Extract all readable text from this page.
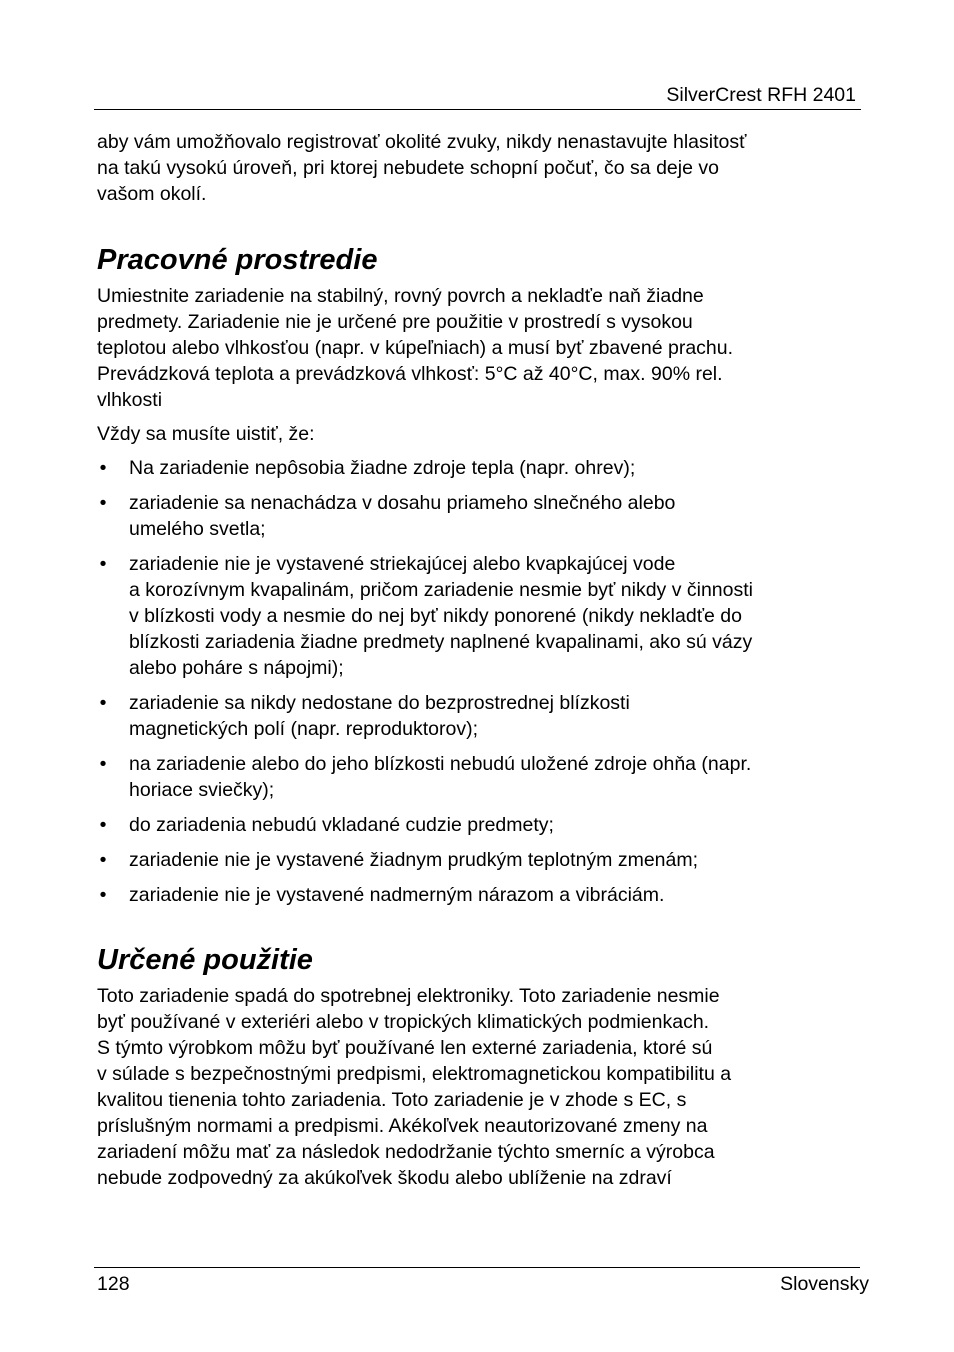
SilverCrest RFH 2401

aby vám umožňovalo registrovať okolité zvuky, nikdy nenastavujte hlasitosť
na takú vysokú úroveň, pri ktorej nebudete schopní počuť, čo sa deje vo
vašom okolí.

Pracovné prostredie

Umiestnite zariadenie na stabilný, rovný povrch a nekladťe naň žiadne
predmety. Zariadenie nie je určené pre použitie v prostredí s vysokou
teplotou alebo vlhkosťou (napr. v kúpeľniach) a musí byť zbavené prachu.
Prevádzková teplota a prevádzková vlhkosť: 5°C až 40°C, max. 90% rel.
vlhkosti

Vždy sa musíte uistiť, že:

• Na zariadenie nepôsobia žiadne zdroje tepla (napr. ohrev);
• zariadenie sa nenachádza v dosahu priameho slnečného alebo
umelého svetla;
• zariadenie nie je vystavené striekajúcej alebo kvapkajúcej vode
a korozívnym kvapalinám, pričom zariadenie nesmie byť nikdy v činnosti
v blízkosti vody a nesmie do nej byť nikdy ponorené (nikdy nekladťe do
blízkosti zariadenia žiadne predmety naplnené kvapalinami, ako sú vázy
alebo poháre s nápojmi);
• zariadenie sa nikdy nedostane do bezprostrednej blízkosti
magnetických polí (napr. reproduktorov);
• na zariadenie alebo do jeho blízkosti nebudú uložené zdroje ohňa (napr.
horiace sviečky);
• do zariadenia nebudú vkladané cudzie predmety;
• zariadenie nie je vystavené žiadnym prudkým teplotným zmenám;
• zariadenie nie je vystavené nadmerným nárazom a vibráciám.
Určené použitie

Toto zariadenie spadá do spotrebnej elektroniky. Toto zariadenie nesmie
byť používané v exteriéri alebo v tropických klimatických podmienkach.
S týmto výrobkom môžu byť používané len externé zariadenia, ktoré sú
v súlade s bezpečnostnými predpismi, elektromagnetickou kompatibilitu a
kvalitou tienenia tohto zariadenia. Toto zariadenie je v zhode s EC, s
príslušným normami a predpismi. Akékoľvek neautorizované zmeny na
zariadení môžu mať za následok nedodržanie týchto smerníc a výrobca
nebude zodpovedný za akúkoľvek škodu alebo ublíženie na zdraví

128	Slovensky
